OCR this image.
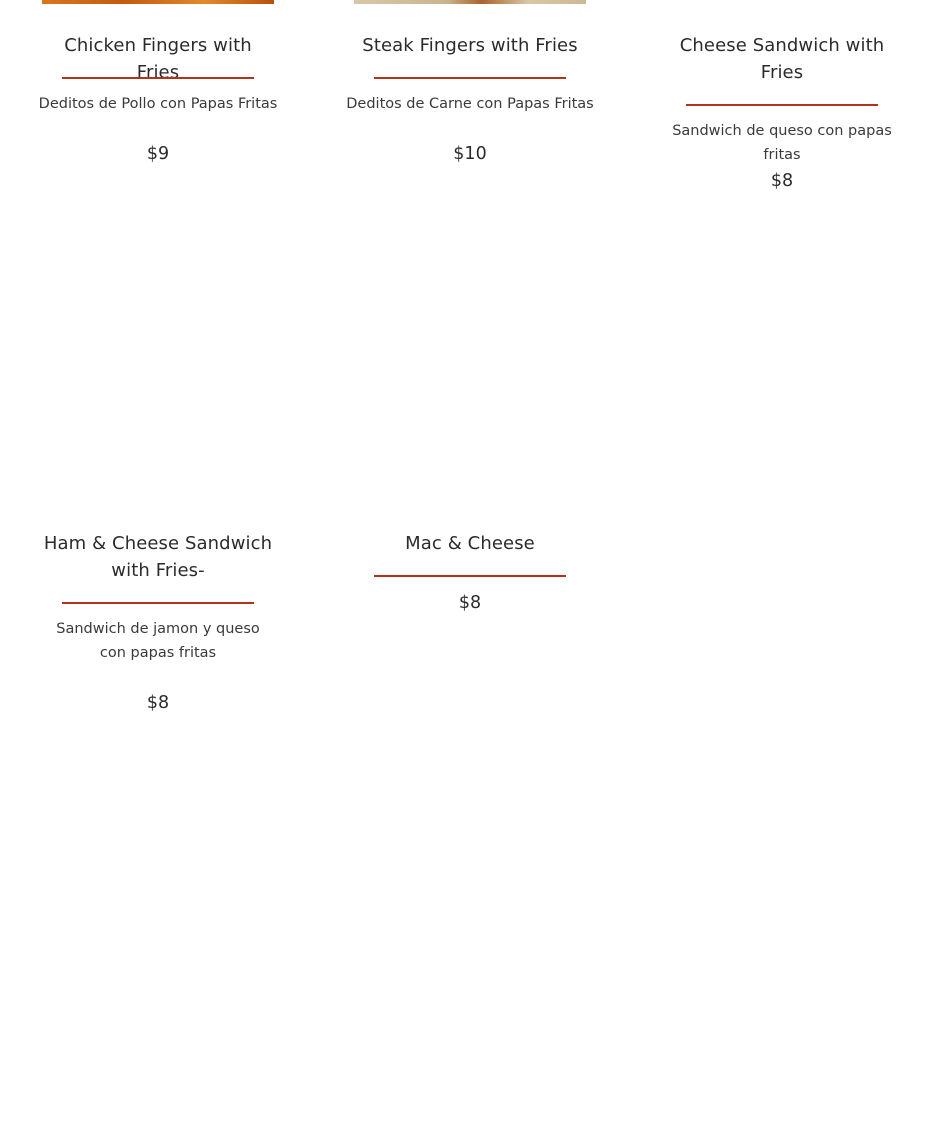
Chicken Fingers with Fries
Deditos de Pollo con Papas Fritas
$9
Steak Fingers with Fries
Deditos de Carne con Papas Fritas
$10
Cheese Sandwich with Fries
Sandwich de queso con papas fritas
$8
Ham & Cheese Sandwich with Fries-
Sandwich de jamon y queso con papas fritas
$8
Mac & Cheese
$8
